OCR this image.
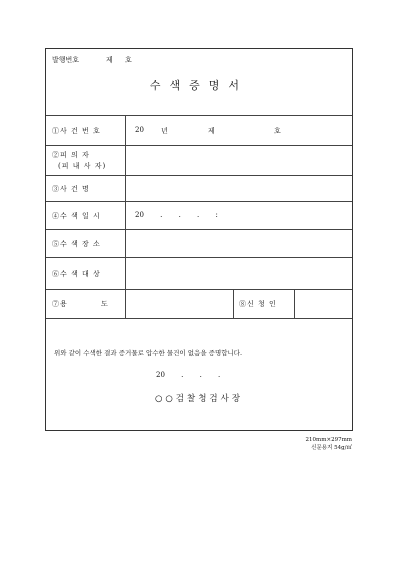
발행번호	제 호
수색증명서
①사 건 번 호	20 년	제	호
②피 의 자
(피 내 사 자)
③사 건 명
④수 색 일 시	20 . . . :
⑤수 색 장 소
⑥수 색 대 상
⑦용 도	⑧신 청 인
위와 같이 수색한 결과 증거물로 압수한 물건이 없음을 증명합니다.
20 . . .
○○검찰청검사장
210mm×297mm
신문용지 54g/㎡
